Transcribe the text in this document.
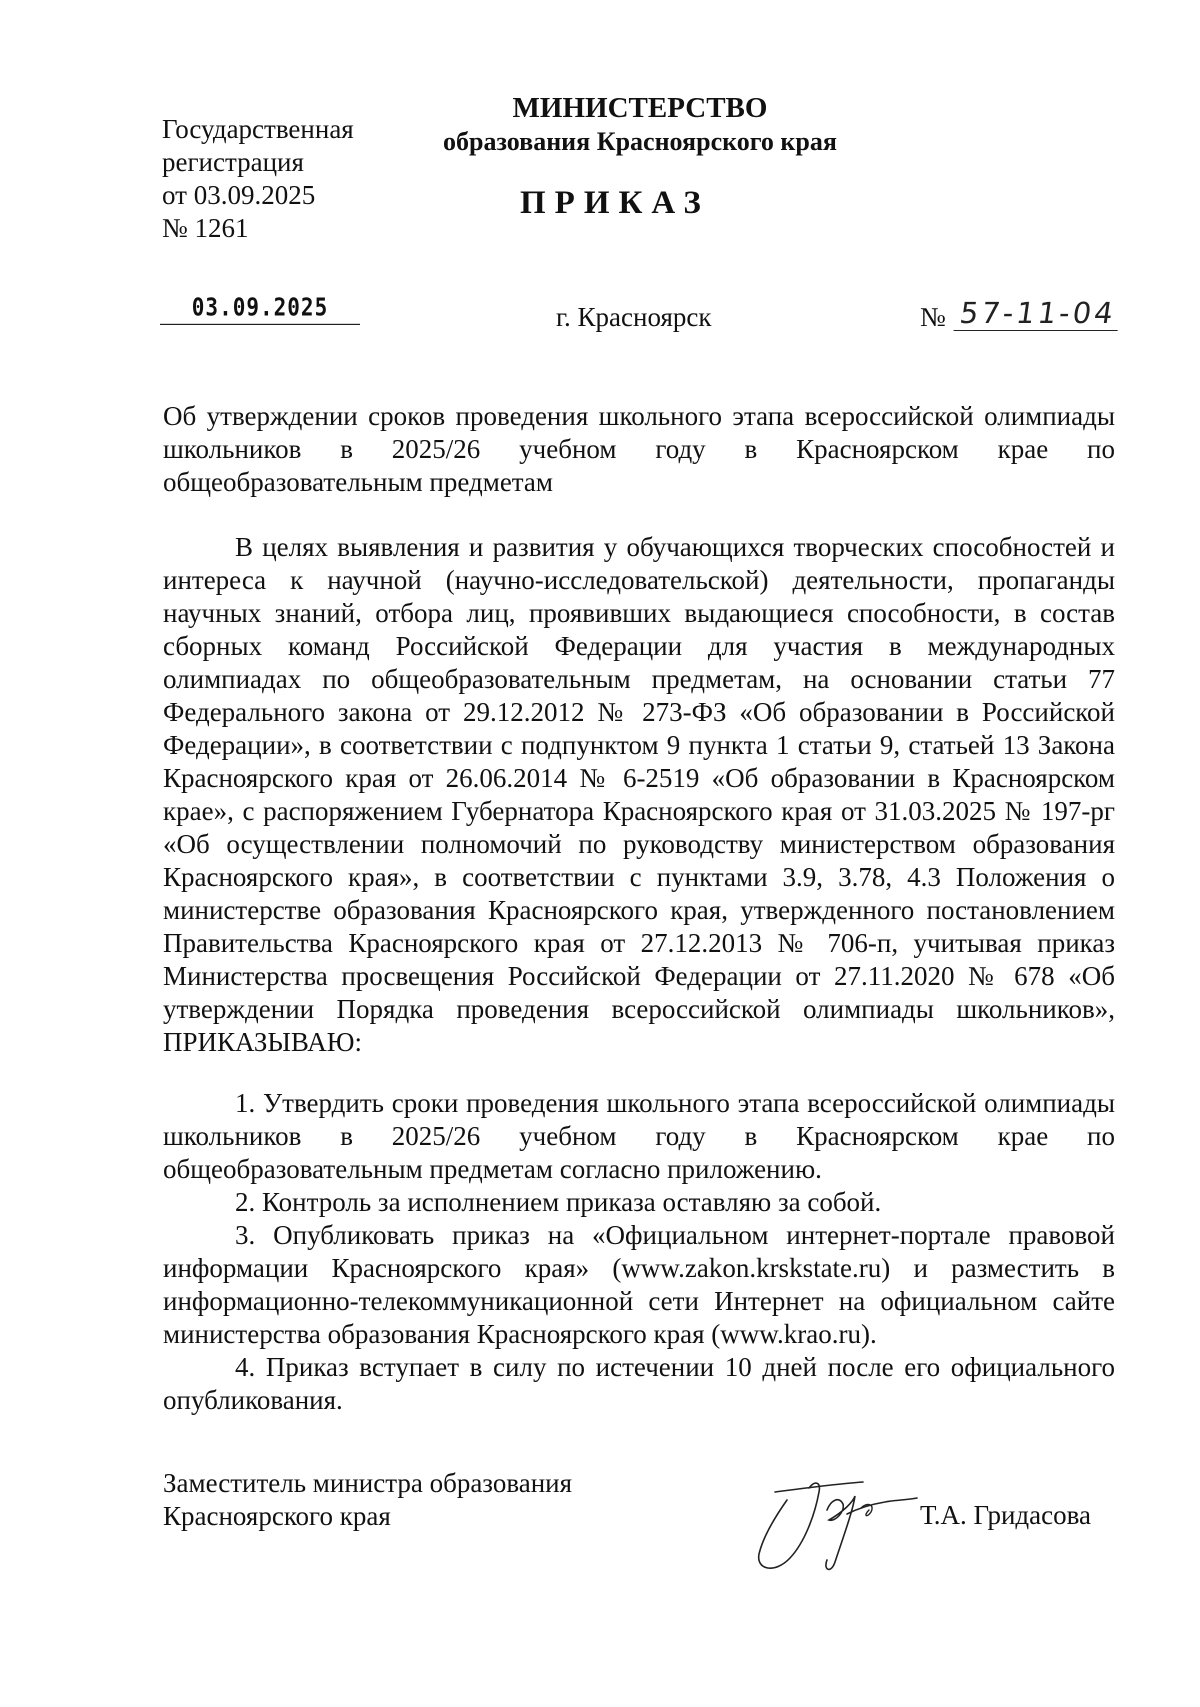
Государственная
регистрация
от 03.09.2025
№ 1261
МИНИСТЕРСТВО
образования Красноярского края
ПРИКАЗ
03.09.2025	г. Красноярск	№ 57-11-04
Об утверждении сроков проведения школьного этапа всероссийской олимпиады школьников в 2025/26 учебном году в Красноярском крае по общеобразовательным предметам

В целях выявления и развития у обучающихся творческих способностей и интереса к научной (научно-исследовательской) деятельности, пропаганды научных знаний, отбора лиц, проявивших выдающиеся способности, в состав сборных команд Российской Федерации для участия в международных олимпиадах по общеобразовательным предметам, на основании статьи 77 Федерального закона от 29.12.2012 № 273-ФЗ «Об образовании в Российской Федерации», в соответствии с подпунктом 9 пункта 1 статьи 9, статьей 13 Закона Красноярского края от 26.06.2014 № 6-2519 «Об образовании в Красноярском крае», с распоряжением Губернатора Красноярского края от 31.03.2025 № 197-рг «Об осуществлении полномочий по руководству министерством образования Красноярского края», в соответствии с пунктами 3.9, 3.78, 4.3 Положения о министерстве образования Красноярского края, утвержденного постановлением Правительства Красноярского края от 27.12.2013 № 706-п, учитывая приказ Министерства просвещения Российской Федерации от 27.11.2020 № 678 «Об утверждении Порядка проведения всероссийской олимпиады школьников», ПРИКАЗЫВАЮ:

1. Утвердить сроки проведения школьного этапа всероссийской олимпиады школьников в 2025/26 учебном году в Красноярском крае по общеобразовательным предметам согласно приложению.

2. Контроль за исполнением приказа оставляю за собой.

3. Опубликовать приказ на «Официальном интернет-портале правовой информации Красноярского края» (www.zakon.krskstate.ru) и разместить в информационно-телекоммуникационной сети Интернет на официальном сайте министерства образования Красноярского края (www.krao.ru).

4. Приказ вступает в силу по истечении 10 дней после его официального опубликования.

Заместитель министра образования
Красноярского края	Т.А. Гридасова
